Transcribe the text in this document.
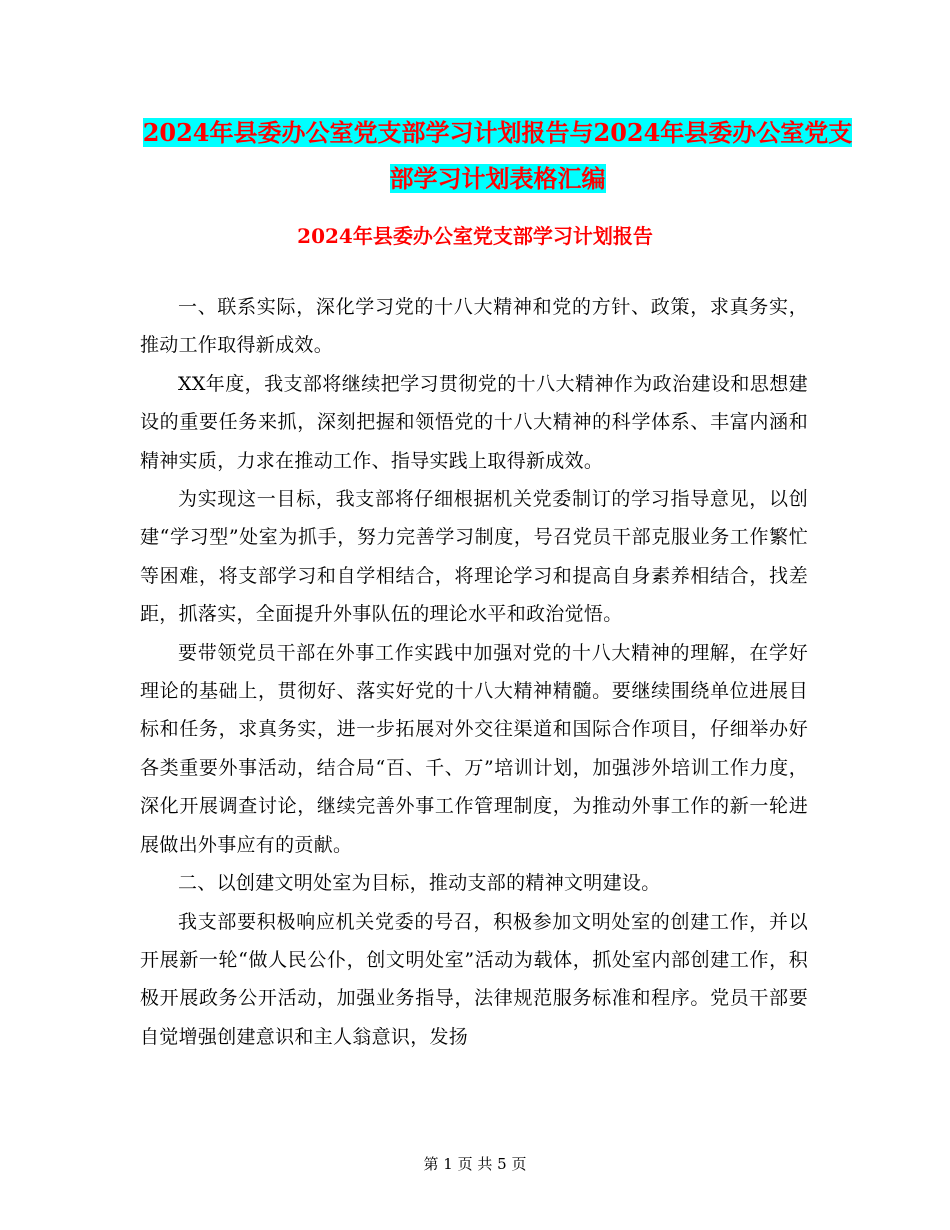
2024年县委办公室党支部学习计划报告与2024年县委办公室党支部学习计划表格汇编
2024年县委办公室党支部学习计划报告

一、联系实际，深化学习党的十八大精神和党的方针、政策，求真务实，推动工作取得新成效。

XX年度，我支部将继续把学习贯彻党的十八大精神作为政治建设和思想建设的重要任务来抓，深刻把握和领悟党的十八大精神的科学体系、丰富内涵和精神实质，力求在推动工作、指导实践上取得新成效。

为实现这一目标，我支部将仔细根据机关党委制订的学习指导意见，以创建“学习型”处室为抓手，努力完善学习制度，号召党员干部克服业务工作繁忙等困难，将支部学习和自学相结合，将理论学习和提高自身素养相结合，找差距，抓落实，全面提升外事队伍的理论水平和政治觉悟。

要带领党员干部在外事工作实践中加强对党的十八大精神的理解，在学好理论的基础上，贯彻好、落实好党的十八大精神精髓。要继续围绕单位进展目标和任务，求真务实，进一步拓展对外交往渠道和国际合作项目，仔细举办好各类重要外事活动，结合局“百、千、万”培训计划，加强涉外培训工作力度，深化开展调查讨论，继续完善外事工作管理制度，为推动外事工作的新一轮进展做出外事应有的贡献。

二、以创建文明处室为目标，推动支部的精神文明建设。

我支部要积极响应机关党委的号召，积极参加文明处室的创建工作，并以开展新一轮“做人民公仆，创文明处室”活动为载体，抓处室内部创建工作，积极开展政务公开活动，加强业务指导，法律规范服务标准和程序。党员干部要自觉增强创建意识和主人翁意识，发扬

第 1 页 共 5 页
